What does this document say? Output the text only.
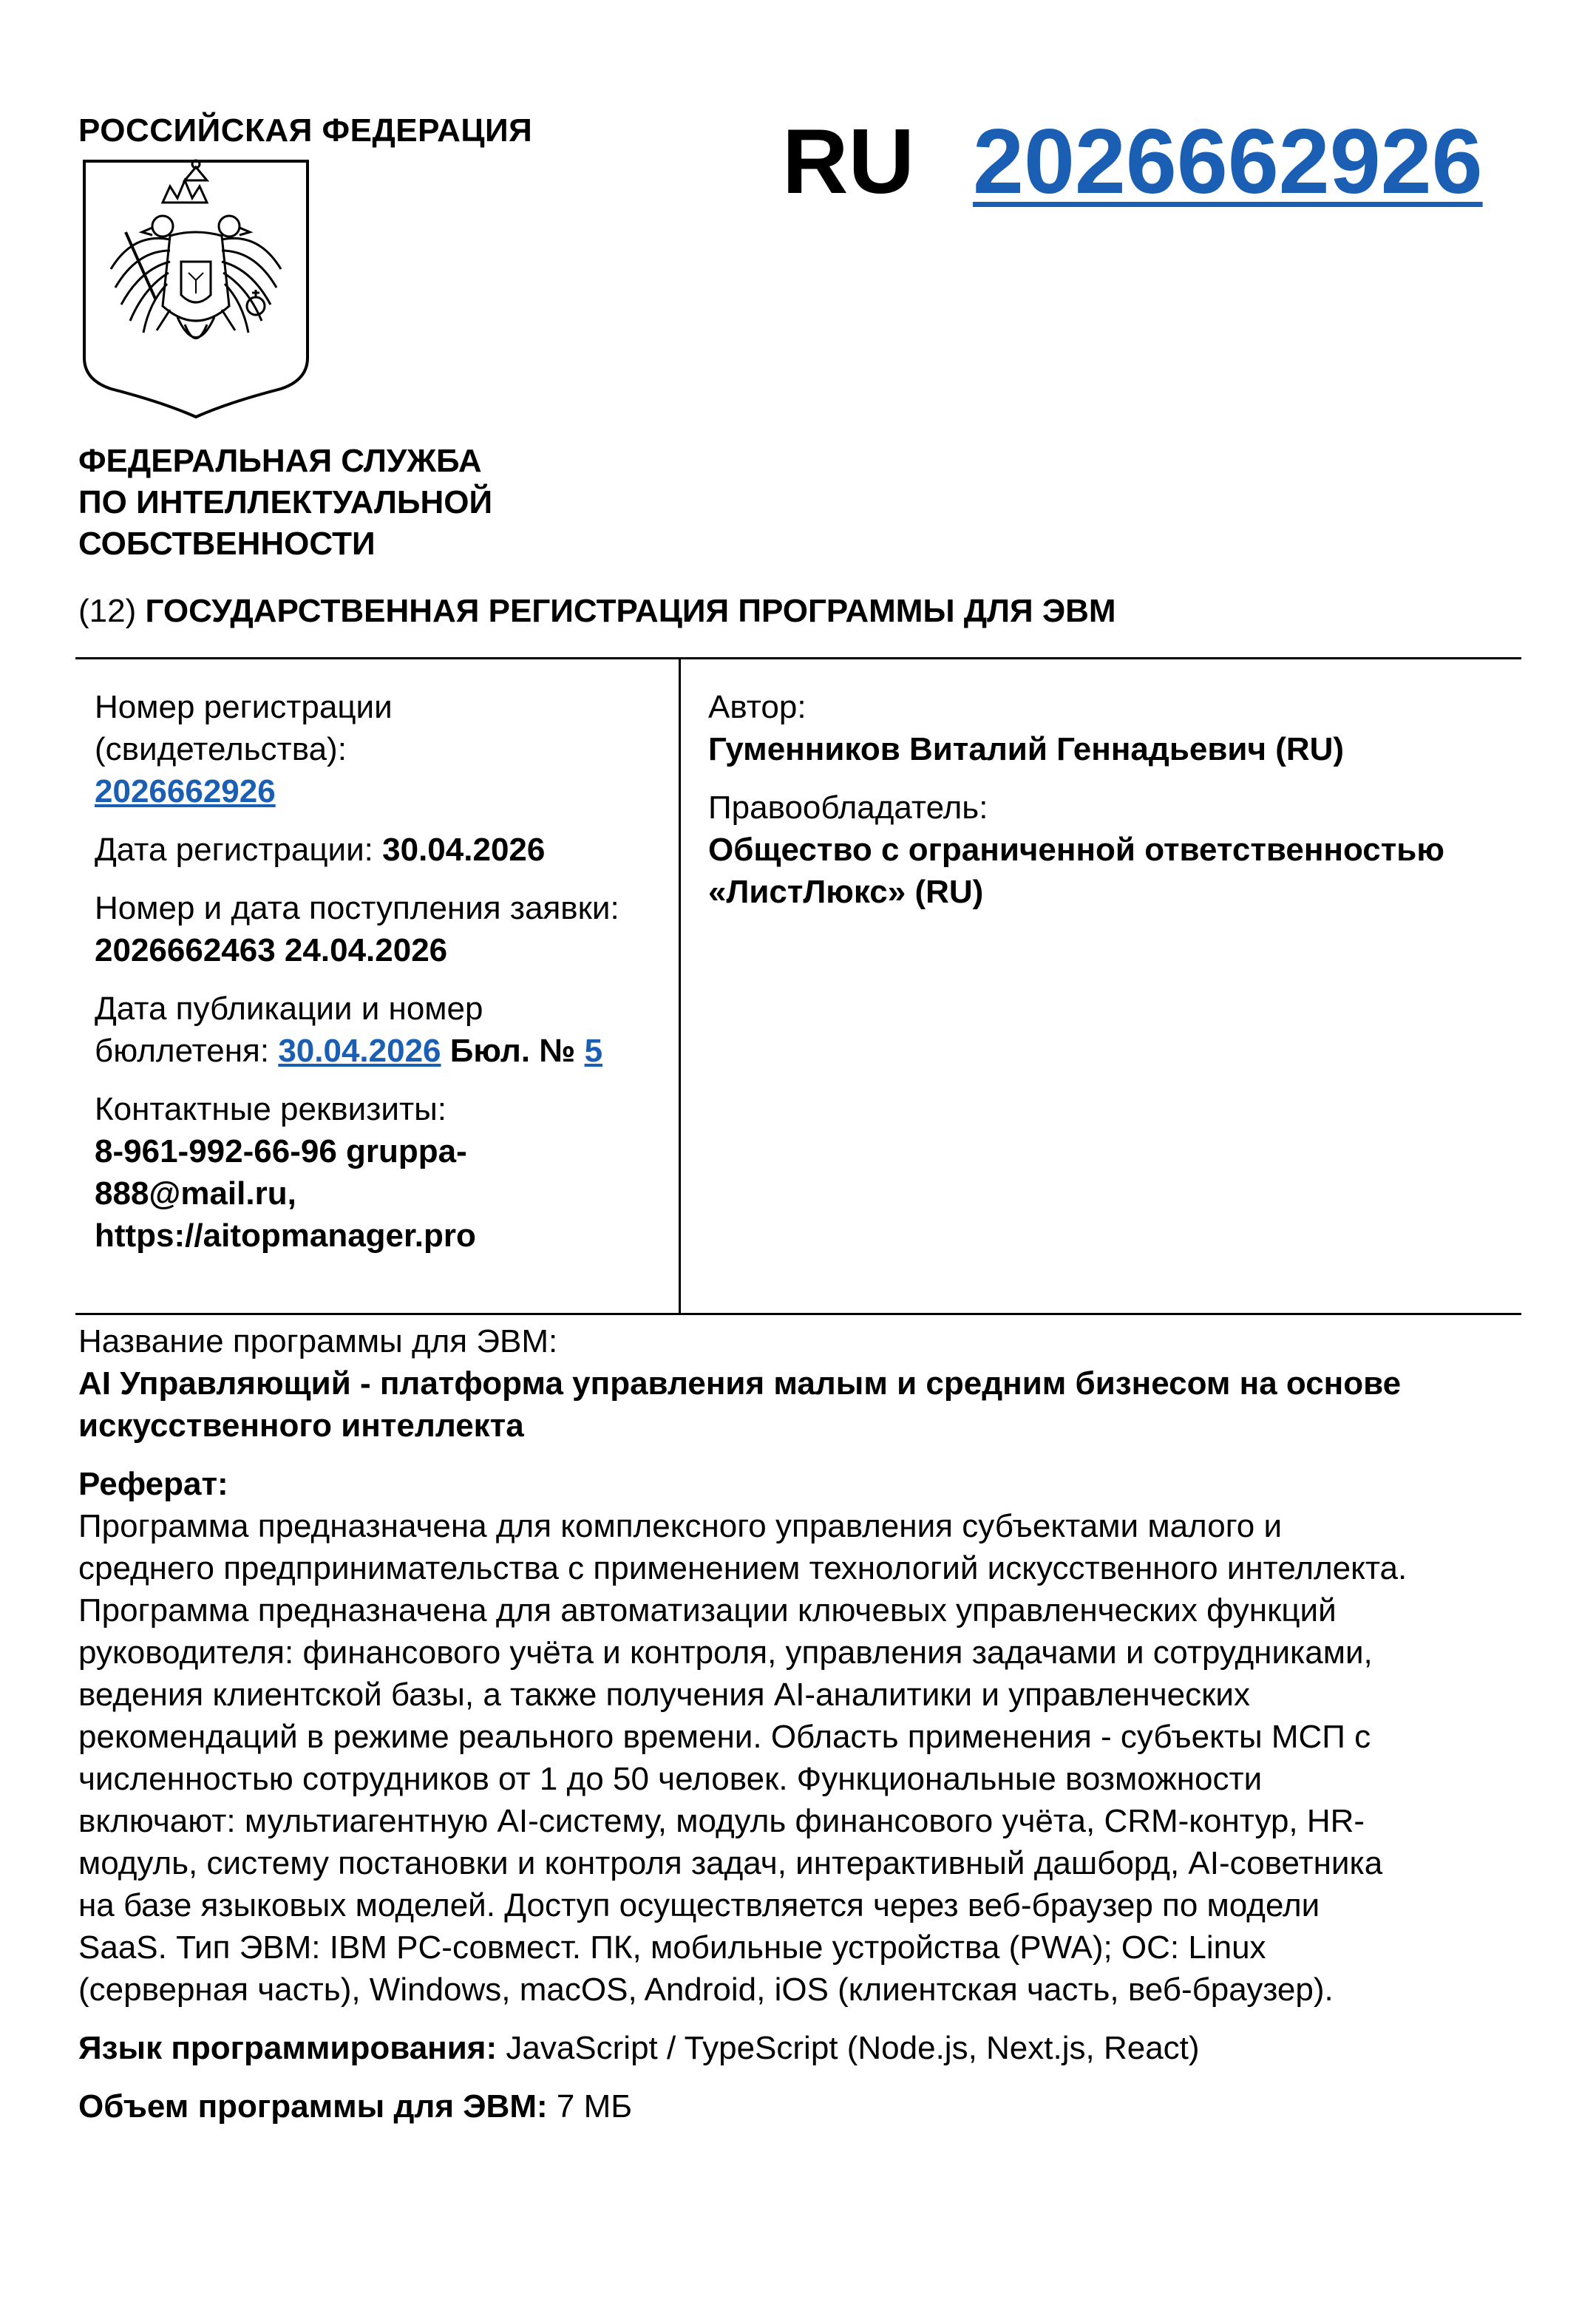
РОССИЙСКАЯ ФЕДЕРАЦИЯ	RU 2026662926
ФЕДЕРАЛЬНАЯ СЛУЖБА
ПО ИНТЕЛЛЕКТУАЛЬНОЙ
СОБСТВЕННОСТИ
(12) ГОСУДАРСТВЕННАЯ РЕГИСТРАЦИЯ ПРОГРАММЫ ДЛЯ ЭВМ
Номер регистрации
(свидетельства):
2026662926
Дата регистрации: 30.04.2026
Номер и дата поступления заявки:
2026662463 24.04.2026
Дата публикации и номер
бюллетеня: 30.04.2026 Бюл. № 5
Контактные реквизиты:
8-961-992-66-96 gruppa-
888@mail.ru,
https://aitopmanager.pro
Автор:
Гуменников Виталий Геннадьевич (RU)
Правообладатель:
Общество с ограниченной ответственностью
«ЛистЛюкс» (RU)

Название программы для ЭВМ:

AI Управляющий - платформа управления малым и средним бизнесом на основе

искусственного интеллекта

Реферат:

Программа предназначена для комплексного управления субъектами малого и

среднего предпринимательства с применением технологий искусственного интеллекта.

Программа предназначена для автоматизации ключевых управленческих функций

руководителя: финансового учёта и контроля, управления задачами и сотрудниками,

ведения клиентской базы, а также получения AI-аналитики и управленческих

рекомендаций в режиме реального времени. Область применения - субъекты МСП с

численностью сотрудников от 1 до 50 человек. Функциональные возможности

включают: мультиагентную AI-систему, модуль финансового учёта, CRM-контур, HR-

модуль, систему постановки и контроля задач, интерактивный дашборд, AI-советника

на базе языковых моделей. Доступ осуществляется через веб-браузер по модели

SaaS. Тип ЭВМ: IBM PC-совмест. ПК, мобильные устройства (PWA); ОС: Linux

(серверная часть), Windows, macOS, Android, iOS (клиентская часть, веб-браузер).

Язык программирования: JavaScript / TypeScript (Node.js, Next.js, React)

Объем программы для ЭВМ: 7 МБ
